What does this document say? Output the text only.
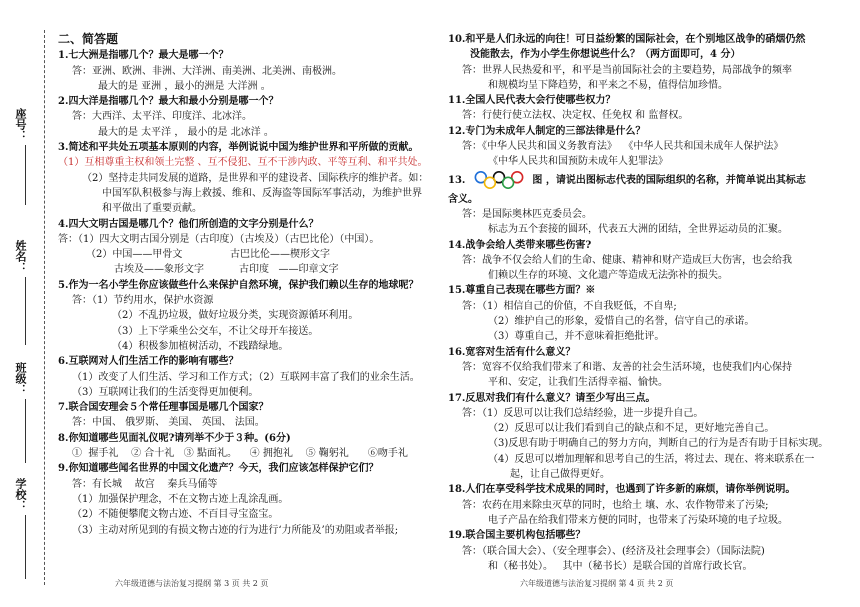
座号：
姓名：
班级：
学校：

二、简答题

1.七大洲是指哪几个？最大是哪一个？

答：亚洲、欧洲、非洲、大洋洲、南美洲、北美洲、南极洲。

最大的是 亚洲 ，最小的洲是 大洋洲 。

2.四大洋是指哪几个？最大和最小分别是哪一个？

答：大西洋、太平洋、印度洋、北冰洋。

最大的是 太平洋 ， 最小的是 北冰洋 。

3.简述和平共处五项基本原则的内容，举例说说中国为维护世界和平所做的贡献。

（1）互相尊重主权和领土完整 、互不侵犯、互不干涉内政、平等互利、和平共处。

（2）坚持走共同发展的道路，是世界和平的建设者、国际秩序的维护者。如：中国军队积极参与海上救援、维和、反海盗等国际军事活动，为维护世界和平做出了重要贡献。

4.四大文明古国是哪几个？他们所创造的文字分别是什么？

答：（1）四大文明古国分别是（古印度）（古埃及）（古巴比伦）（中国）。

（2）中国——甲骨文               古巴比伦——楔形文字

古埃及——象形文字           古印度   ——印章文字

5.作为一名小学生你应该做些什么来保护自然环境，保护我们赖以生存的地球呢？

答：（1）节约用水，保护水资源

（2）不乱扔垃圾，做好垃圾分类，实现资源循环利用。

（3）上下学乘坐公交车，不让父母开车接送。

（4）积极参加植树活动，不践踏绿地。

6.互联网对人们生活工作的影响有哪些？

（1）改变了人们生活、学习和工作方式；（2）互联网丰富了我们的业余生活。

（3）互联网让我们的生活变得更加便利。

7.联合国安理会５个常任理事国是哪几个国家？

答：中国、 俄罗斯、 美国、 英国、 法国。

8.你知道哪些见面礼仪呢?请列举不少于３种。(6分)

①  握手礼    ② 合十礼   ③ 點面礼。    ④ 拥抱礼    ⑤ 鞠躬礼      ⑥吻手礼

9.你知道哪些闻名世界的中国文化遗产？今天，我们应该怎样保护它们？

答：有长城    故宫    秦兵马俑等

（1）加强保护理念，不在文物古迹上乱涂乱画。

（2）不随便攀爬文物古迹、不百目寻宝盗宝。

（3）主动对所见到的有损文物古迹的行为进行‘力所能及’的劝阻或者举报;

10.和平是人们永远的向往！可日益纷繁的国际社会，在个别地区战争的硝烟仍然

没能散去，作为小学生你想说些什么？（两方面即可，4 分）

答：世界人民热爱和平，和平是当前国际社会的主要趋势，局部战争的频率

和规模均呈下降趋势，和平来之不易，值得信加珍惜。

11.全国人民代表大会行使哪些权力？

答：行使行使立法权、决定权、任免权 和 监督权。

12.专门为未成年人制定的三部法律是什么？

答：《中华人民共和国义务教育法》  《中华人民共和国未成年人保护法》

《中华人民共和国预防未成年人犯罪法》

13.	图 ，请说出图标志代表的国际组织的名称，并简单说出其标志

含义。

答：是国际奥林匹克委员会。

标志为五个套接的圆环，代表五大洲的团结，全世界运动员的汇聚。

14.战争会给人类带来哪些伤害?

答：战争不仅会给人们的生命、健康、精神和财产造成巨大伤害，也会给我

们赖以生存的环境、文化遗产等造成无法弥补的损失。

15.尊重自己表现在哪些方面？※

答：（1）相信自己的价值，不自我贬低，不自卑;

（2）维护自己的形象，爱惜自己的名誉，信守自己的承诺。

（3）尊重自己，并不意味着拒绝批评。

16.宽容对生活有什么意义？

答：宽容不仅给我们带来了和谐、友善的社会生活环境，也使我们内心保持

平和、安定，让我们生活得幸福、愉快。

17.反思对我们有什么意义？请至少写出三点。

答：（1）反思可以让我们总结经验，进一步提升自己。

（2）反思可以让我们看到自己的缺点和不足，更好地完善自己。

（3)反思有助于明确自己的努力方向，判断自己的行为是否有助于目标实现。

（4）反思可以增加理解和思考自己的生活，将过去、现在、将来联系在一

起，让自己做得更好。

18.人们在享受科学技术成果的同时，也遇到了许多新的麻烦，请你举例说明。

答：农药在用来除虫灭草的同时，也给土 壤、水、农作物带来了污染;

电子产品在给我们带来方便的同时，也带来了污染环境的电子垃圾。

19.联合国主要机构包括哪些？

答：（联合国大会）、（安全理事会）、(经济及社会理事会）（国际法院)

和（秘书处）。   其中（秘书长）是联合国的首席行政长官。

六年级道德与法治复习提纲 第 3 页 共 2 页	六年级道德与法治复习提纲 第 4 页 共 2 页
